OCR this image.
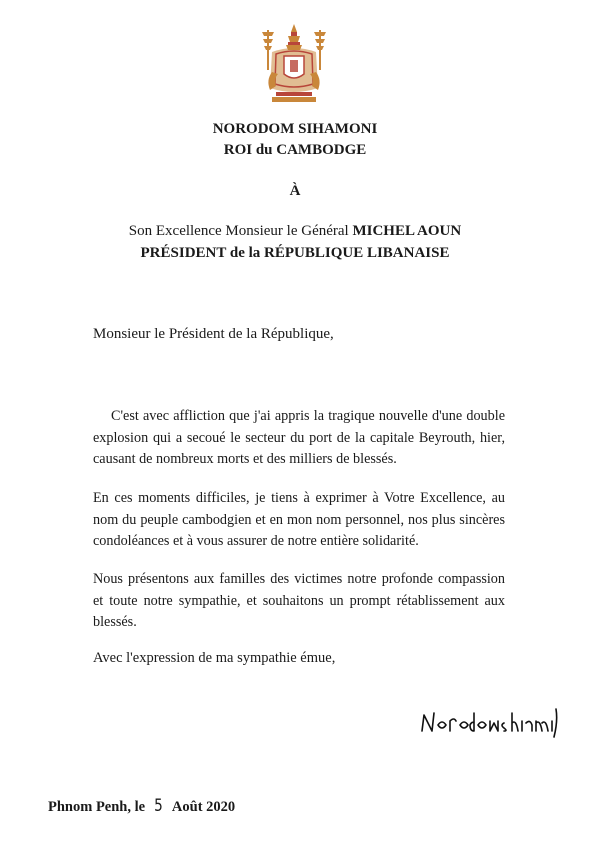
NORODOM SIHAMONI
ROI du CAMBODGE
À
Son Excellence Monsieur le Général MICHEL AOUN
PRÉSIDENT de la RÉPUBLIQUE LIBANAISE
Monsieur le Président de la République,
C'est avec affliction que j'ai appris la tragique nouvelle d'une double explosion qui a secoué le secteur du port de la capitale Beyrouth, hier, causant de nombreux morts et des milliers de blessés.
En ces moments difficiles, je tiens à exprimer à Votre Excellence, au nom du peuple cambodgien et en mon nom personnel, nos plus sincères condoléances et à vous assurer de notre entière solidarité.
Nous présentons aux familles des victimes notre profonde compassion et toute notre sympathie, et souhaitons un prompt rétablissement aux blessés.
Avec l'expression de ma sympathie émue,
Phnom Penh, le 5 Août 2020
